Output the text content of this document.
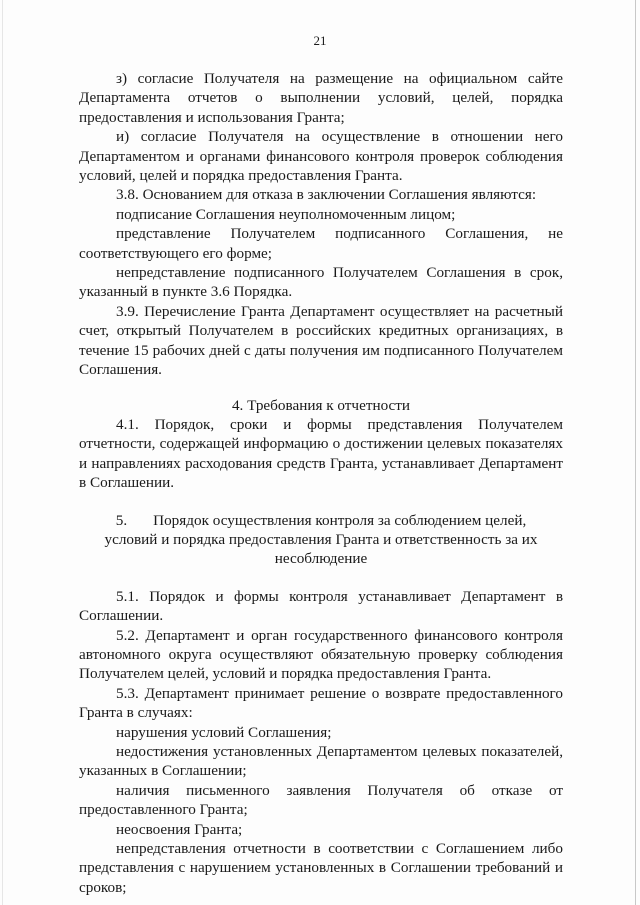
21

з) согласие Получателя на размещение на официальном сайте Департамента отчетов о выполнении условий, целей, порядка предоставления и использования Гранта;

и) согласие Получателя на осуществление в отношении него Департаментом и органами финансового контроля проверок соблюдения условий, целей и порядка предоставления Гранта.

3.8. Основанием для отказа в заключении Соглашения являются:

подписание Соглашения неуполномоченным лицом;

представление Получателем подписанного Соглашения, не соответствующего его форме;

непредставление подписанного Получателем Соглашения в срок, указанный в пункте 3.6 Порядка.

3.9. Перечисление Гранта Департамент осуществляет на расчетный счет, открытый Получателем в российских кредитных организациях, в течение 15 рабочих дней с даты получения им подписанного Получателем Соглашения.

4. Требования к отчетности

4.1. Порядок, сроки и формы представления Получателем отчетности, содержащей информацию о достижении целевых показателях и направлениях расходования средств Гранта, устанавливает Департамент в Соглашении.

5. Порядок осуществления контроля за соблюдением целей,
условий и порядка предоставления Гранта и ответственность за их
несоблюдение

5.1. Порядок и формы контроля устанавливает Департамент в Соглашении.

5.2. Департамент и орган государственного финансового контроля автономного округа осуществляют обязательную проверку соблюдения Получателем целей, условий и порядка предоставления Гранта.

5.3. Департамент принимает решение о возврате предоставленного Гранта в случаях:

нарушения условий Соглашения;

недостижения установленных Департаментом целевых показателей, указанных в Соглашении;

наличия письменного заявления Получателя об отказе от предоставленного Гранта;

неосвоения Гранта;

непредставления отчетности в соответствии с Соглашением либо представления с нарушением установленных в Соглашении требований и сроков;
